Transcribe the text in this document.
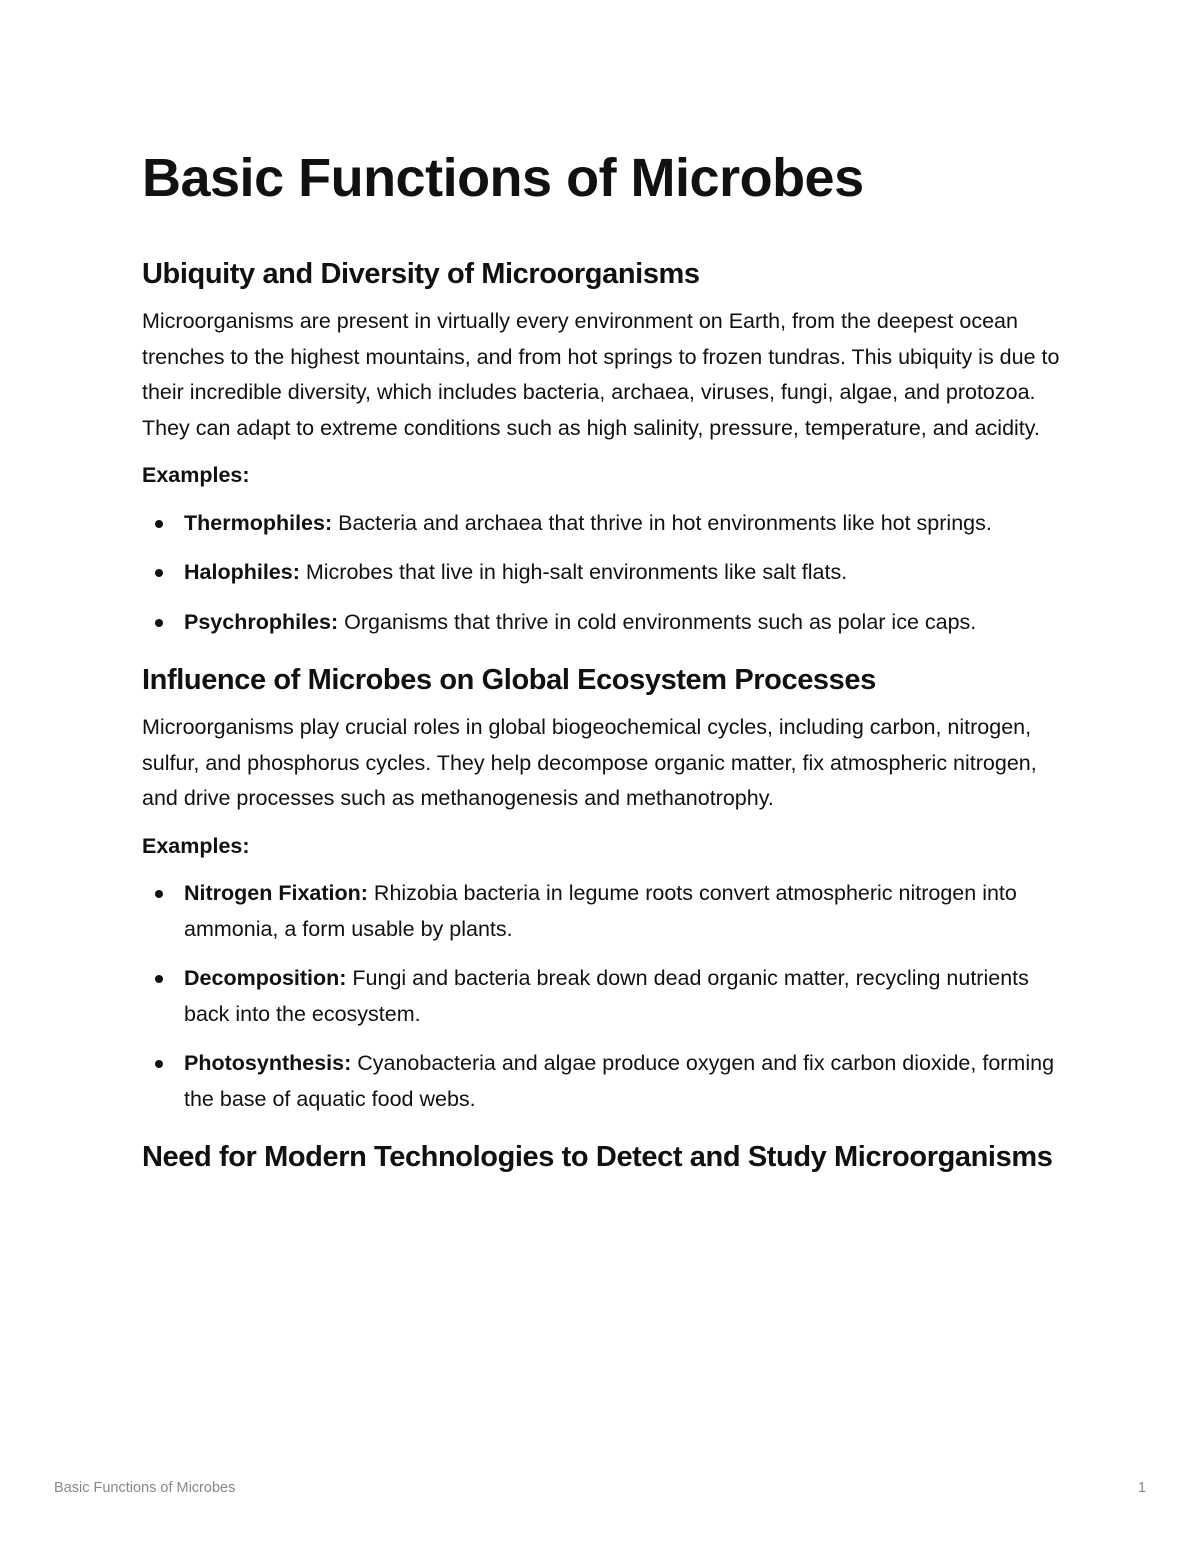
Basic Functions of Microbes
Ubiquity and Diversity of Microorganisms

Microorganisms are present in virtually every environment on Earth, from the deepest ocean trenches to the highest mountains, and from hot springs to frozen tundras. This ubiquity is due to their incredible diversity, which includes bacteria, archaea, viruses, fungi, algae, and protozoa. They can adapt to extreme conditions such as high salinity, pressure, temperature, and acidity.

Examples:

Thermophiles: Bacteria and archaea that thrive in hot environments like hot springs.
Halophiles: Microbes that live in high-salt environments like salt flats.
Psychrophiles: Organisms that thrive in cold environments such as polar ice caps.
Influence of Microbes on Global Ecosystem Processes

Microorganisms play crucial roles in global biogeochemical cycles, including carbon, nitrogen, sulfur, and phosphorus cycles. They help decompose organic matter, fix atmospheric nitrogen, and drive processes such as methanogenesis and methanotrophy.

Examples:

Nitrogen Fixation: Rhizobia bacteria in legume roots convert atmospheric nitrogen into ammonia, a form usable by plants.
Decomposition: Fungi and bacteria break down dead organic matter, recycling nutrients back into the ecosystem.
Photosynthesis: Cyanobacteria and algae produce oxygen and fix carbon dioxide, forming the base of aquatic food webs.
Need for Modern Technologies to Detect and Study Microorganisms
Basic Functions of Microbes	1
